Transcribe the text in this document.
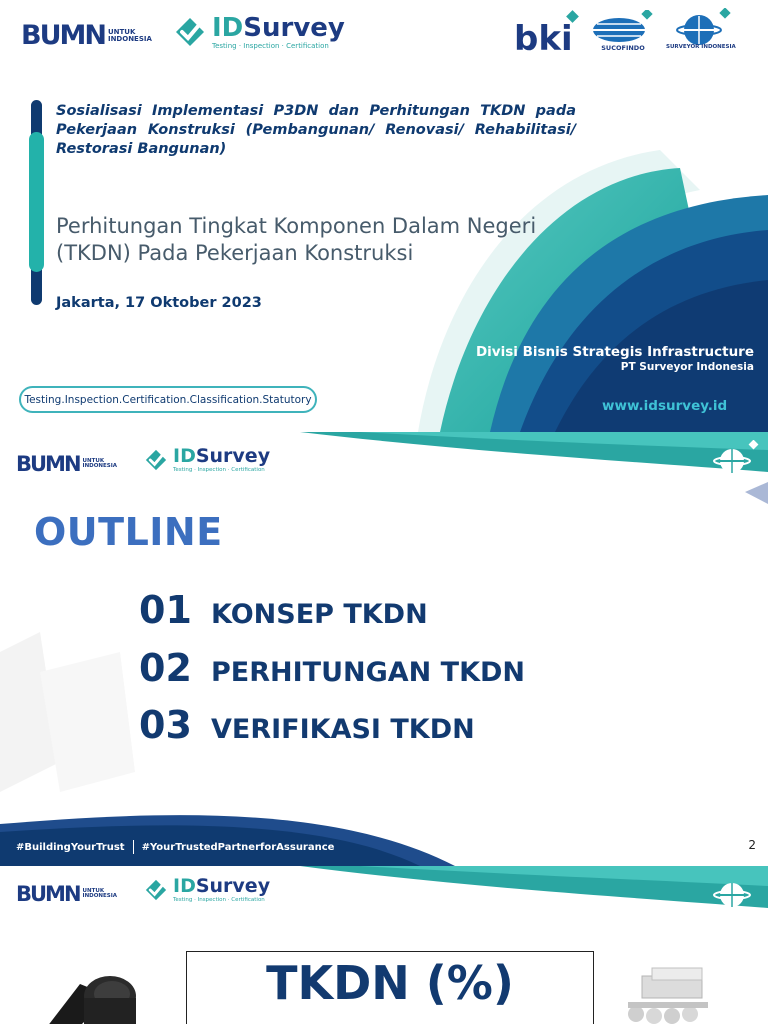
BUMN UNTUK
INDONESIA IDSurvey
Testing · Inspection · Certification	bki	SUCOFINDO	SURVEYOR INDONESIA
Sosialisasi Implementasi P3DN dan Perhitungan TKDN pada Pekerjaan Konstruksi (Pembangunan/ Renovasi/ Rehabilitasi/ Restorasi Bangunan)
Perhitungan Tingkat Komponen Dalam Negeri (TKDN) Pada Pekerjaan Konstruksi
Jakarta, 17 Oktober 2023
Divisi Bisnis Strategis Infrastructure
PT Surveyor Indonesia
www.idsurvey.id
Testing.Inspection.Certification.Classification.Statutory
BUMN UNTUK
INDONESIA	IDSurvey
Testing · Inspection · Certification
SURVEYOR INDONESIA
OUTLINE
01 KONSEP TKDN
02 PERHITUNGAN TKDN
03 VERIFIKASI TKDN
#BuildingYourTrust #YourTrustedPartnerforAssurance	2
BUMN UNTUK
INDONESIA	IDSurvey
Testing · Inspection · Certification
SURVEYOR INDONESIA
TKDN (%)
